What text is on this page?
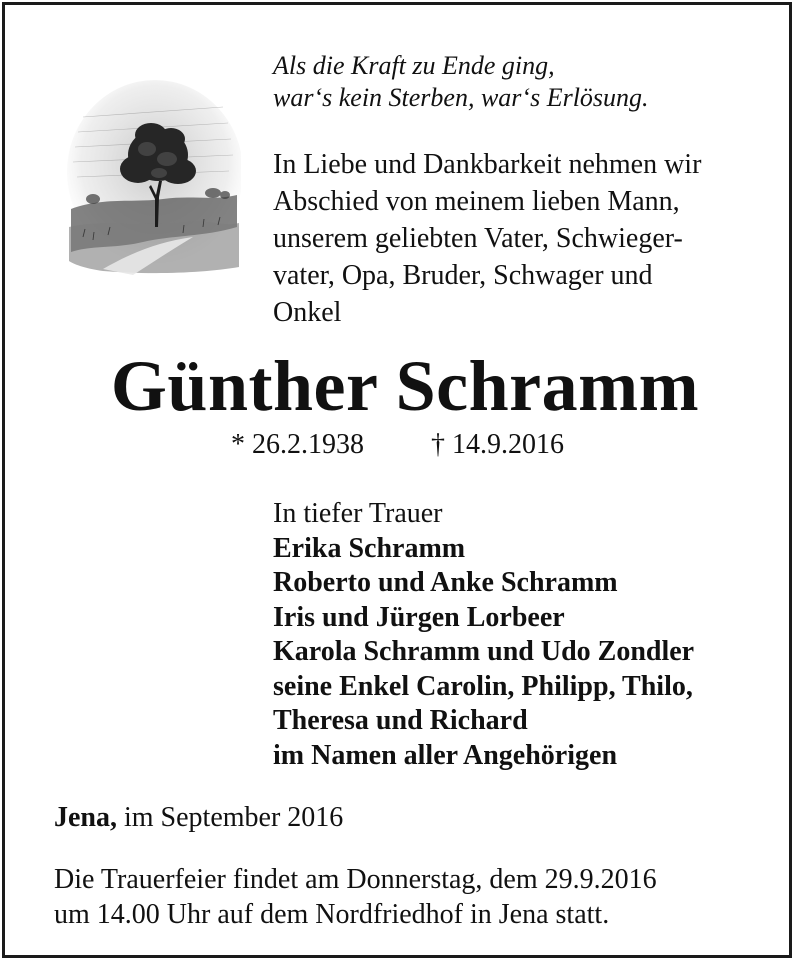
Als die Kraft zu Ende ging,
war‘s kein Sterben, war‘s Erlösung.
In Liebe und Dankbarkeit nehmen wir
Abschied von meinem lieben Mann,
unserem geliebten Vater, Schwieger-
vater, Opa, Bruder, Schwager und
Onkel
Günther Schramm
* 26.2.1938 † 14.9.2016
In tiefer Trauer
Erika Schramm
Roberto und Anke Schramm
Iris und Jürgen Lorbeer
Karola Schramm und Udo Zondler
seine Enkel Carolin, Philipp, Thilo,
Theresa und Richard
im Namen aller Angehörigen
Jena, im September 2016
Die Trauerfeier findet am Donnerstag, dem 29.9.2016
um 14.00 Uhr auf dem Nordfriedhof in Jena statt.
